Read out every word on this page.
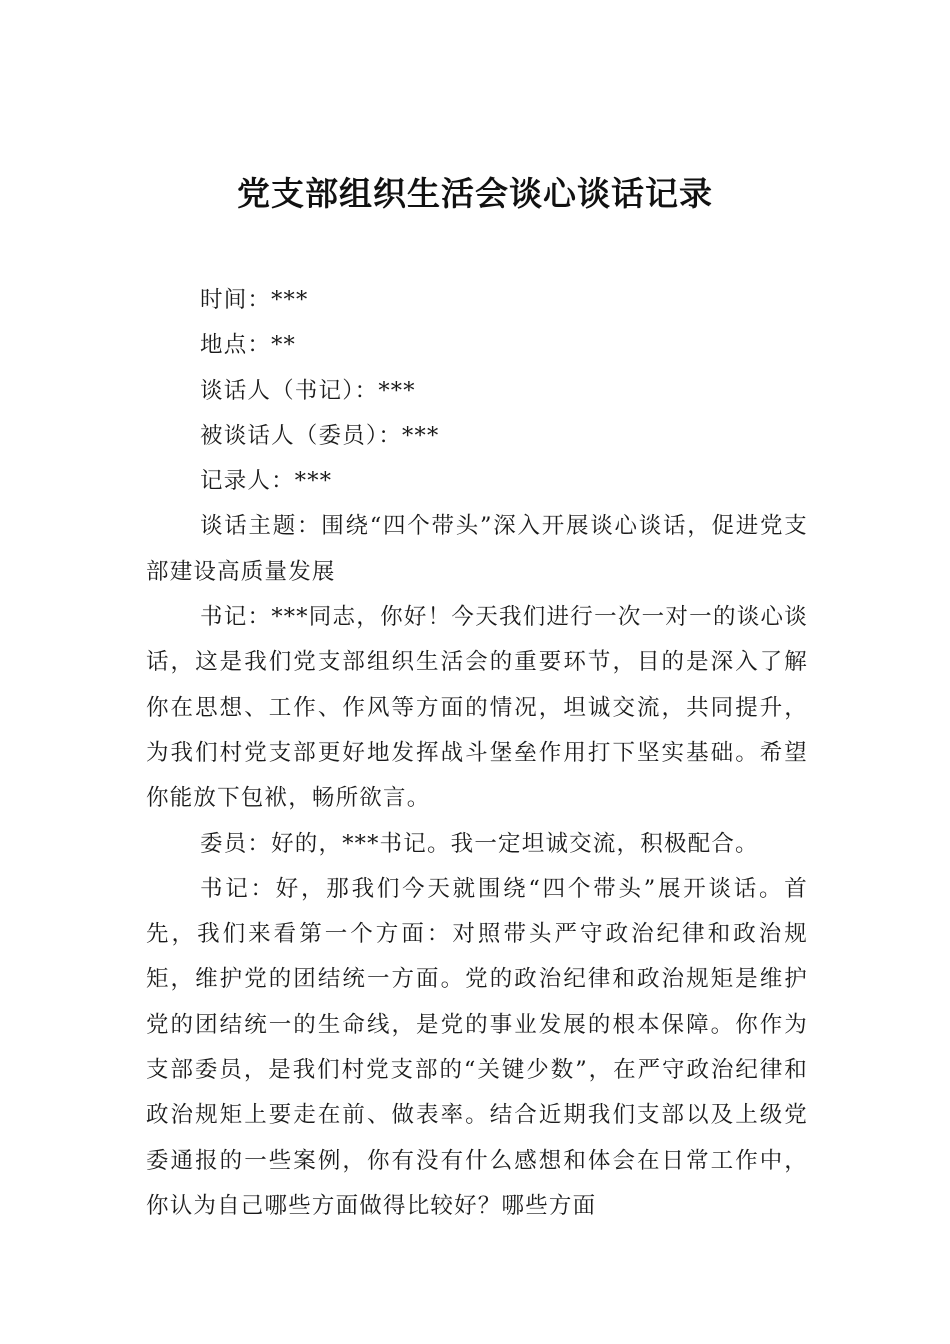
党支部组织生活会谈心谈话记录

时间：***

地点：**

谈话人（书记）：***

被谈话人（委员）：***

记录人：***

谈话主题：围绕“四个带头”深入开展谈心谈话，促进党支部建设高质量发展

书记：***同志，你好！今天我们进行一次一对一的谈心谈话，这是我们党支部组织生活会的重要环节，目的是深入了解你在思想、工作、作风等方面的情况，坦诚交流，共同提升，为我们村党支部更好地发挥战斗堡垒作用打下坚实基础。希望你能放下包袱，畅所欲言。

委员：好的，***书记。我一定坦诚交流，积极配合。

书记：好，那我们今天就围绕“四个带头”展开谈话。首先，我们来看第一个方面：对照带头严守政治纪律和政治规矩，维护党的团结统一方面。党的政治纪律和政治规矩是维护党的团结统一的生命线，是党的事业发展的根本保障。你作为支部委员，是我们村党支部的“关键少数”，在严守政治纪律和政治规矩上要走在前、做表率。结合近期我们支部以及上级党委通报的一些案例，你有没有什么感想和体会在日常工作中，你认为自己哪些方面做得比较好？哪些方面
